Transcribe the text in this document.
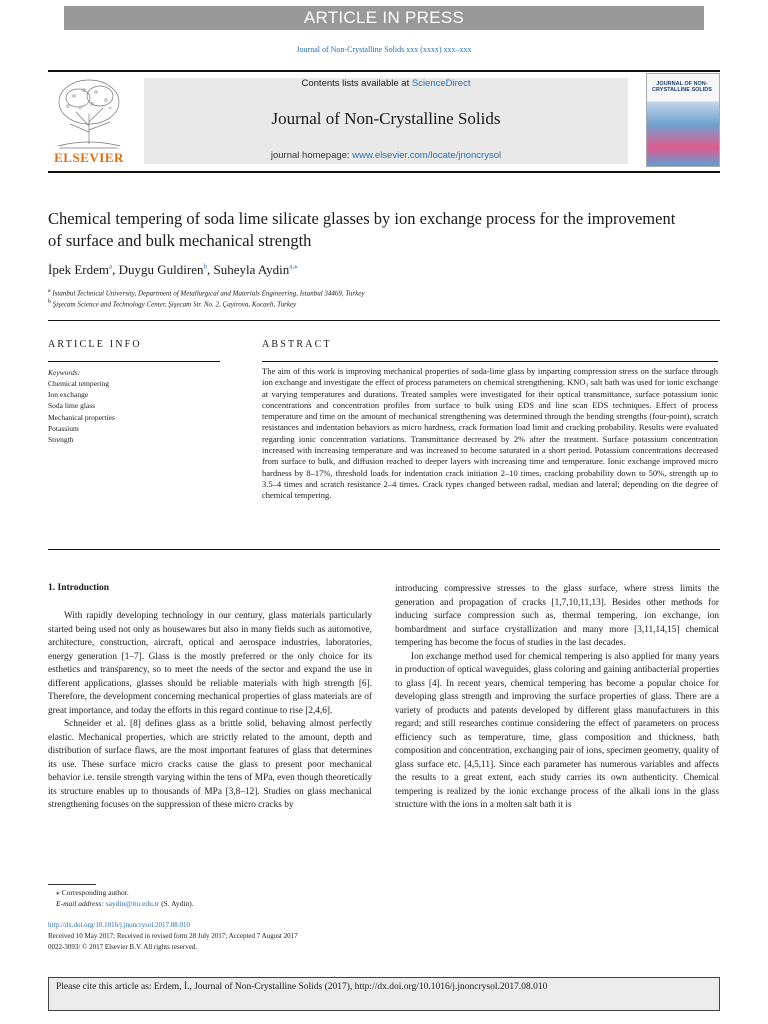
ARTICLE IN PRESS
Journal of Non-Crystalline Solids xxx (xxxx) xxx–xxx
ELSEVIER
Contents lists available at ScienceDirect
Journal of Non-Crystalline Solids
journal homepage: www.elsevier.com/locate/jnoncrysol
JOURNAL OF NON-CRYSTALLINE SOLIDS
Chemical tempering of soda lime silicate glasses by ion exchange process for the improvement of surface and bulk mechanical strength
İpek Erdem$^a$, Duygu Guldiren$^b$, Suheyla Aydin$^{a,⁎}$
$^a$ Istanbul Technical University, Department of Metallurgical and Materials Engineering, Istanbul 34469, Turkey
$^b$ Şişecam Science and Technology Center, Şişecam Str. No. 2, Çayirova, Kocaeli, Turkey
ARTICLE INFO
Keywords:
Chemical tempering
Ion exchange
Soda lime glass
Mechanical properties
Potassium
Strength
ABSTRACT
The aim of this work is improving mechanical properties of soda-lime glass by imparting compression stress on the surface through ion exchange and investigate the effect of process parameters on chemical strengthening. KNO₃ salt bath was used for ionic exchange at varying temperatures and durations. Treated samples were investigated for their optical transmittance, surface potassium ionic concentrations and concentration profiles from surface to bulk using EDS and line scan EDS techniques. Effect of process temperature and time on the amount of mechanical strengthening was determined through the bending strengths (four-point), scratch resistances and indentation behaviors as micro hardness, crack formation load limit and cracking probability. Results were evaluated regarding ionic concentration variations. Transmittance decreased by 2% after the treatment. Surface potassium concentration increased with increasing temperature and was increased to become saturated in a short period. Potassium concentrations decreased from surface to bulk, and diffusion reached to deeper layers with increasing time and temperature. Ionic exchange improved micro hardness by 8–17%, threshold loads for indentation crack initiation 2–10 times, cracking probability down to 50%, strength up to 3.5–4 times and scratch resistance 2–4 times. Crack types changed between radial, median and lateral; depending on the degree of chemical tempering.
1. Introduction

With rapidly developing technology in our century, glass materials particularly started being used not only as housewares but also in many fields such as automotive, architecture, construction, aircraft, optical and aerospace industries, laboratories, energy generation [1–7]. Glass is the mostly preferred or the only choice for its esthetics and transparency, so to meet the needs of the sector and expand the use in different applications, glasses should be reliable materials with high strength [6]. Therefore, the development concerning mechanical properties of glass materials are of great importance, and today the efforts in this regard continue to rise [2,4,6].

Schneider et al. [8] defines glass as a brittle solid, behaving almost perfectly elastic. Mechanical properties, which are strictly related to the amount, depth and distribution of surface flaws, are the most important features of glass that determines its use. These surface micro cracks cause the glass to present poor mechanical behavior i.e. tensile strength varying within the tens of MPa, even though theoretically its structure enables up to thousands of MPa [3,8–12]. Studies on glass mechanical strengthening focuses on the suppression of these micro cracks by

introducing compressive stresses to the glass surface, where stress limits the generation and propagation of cracks [1,7,10,11,13]. Besides other methods for inducing surface compression such as, thermal tempering, ion exchange, ion bombardment and surface crystallization and many more [3,11,14,15] chemical tempering has become the focus of studies in the last decades.

Ion exchange method used for chemical tempering is also applied for many years in production of optical waveguides, glass coloring and gaining antibacterial properties to glass [4]. In recent years, chemical tempering has become a popular choice for developing glass strength and improving the surface properties of glass. There are a variety of products and patents developed by different glass manufacturers in this regard; and still researches continue considering the effect of parameters on process efficiency such as temperature, time, glass composition and thickness, bath composition and concentration, exchanging pair of ions, specimen geometry, quality of glass surface etc. [4,5,11]. Since each parameter has numerous variables and affects the results to a great extent, each study carries its own authenticity. Chemical tempering is realized by the ionic exchange process of the alkali ions in the glass structure with the ions in a molten salt bath it is

⁎ Corresponding author.
E-mail address: saydin@itu.edu.tr (S. Aydin).
http://dx.doi.org/10.1016/j.jnoncrysol.2017.08.010
Received 10 May 2017; Received in revised form 28 July 2017; Accepted 7 August 2017
0022-3093/ © 2017 Elsevier B.V. All rights reserved.
Please cite this article as: Erdem, İ., Journal of Non-Crystalline Solids (2017), http://dx.doi.org/10.1016/j.jnoncrysol.2017.08.010
